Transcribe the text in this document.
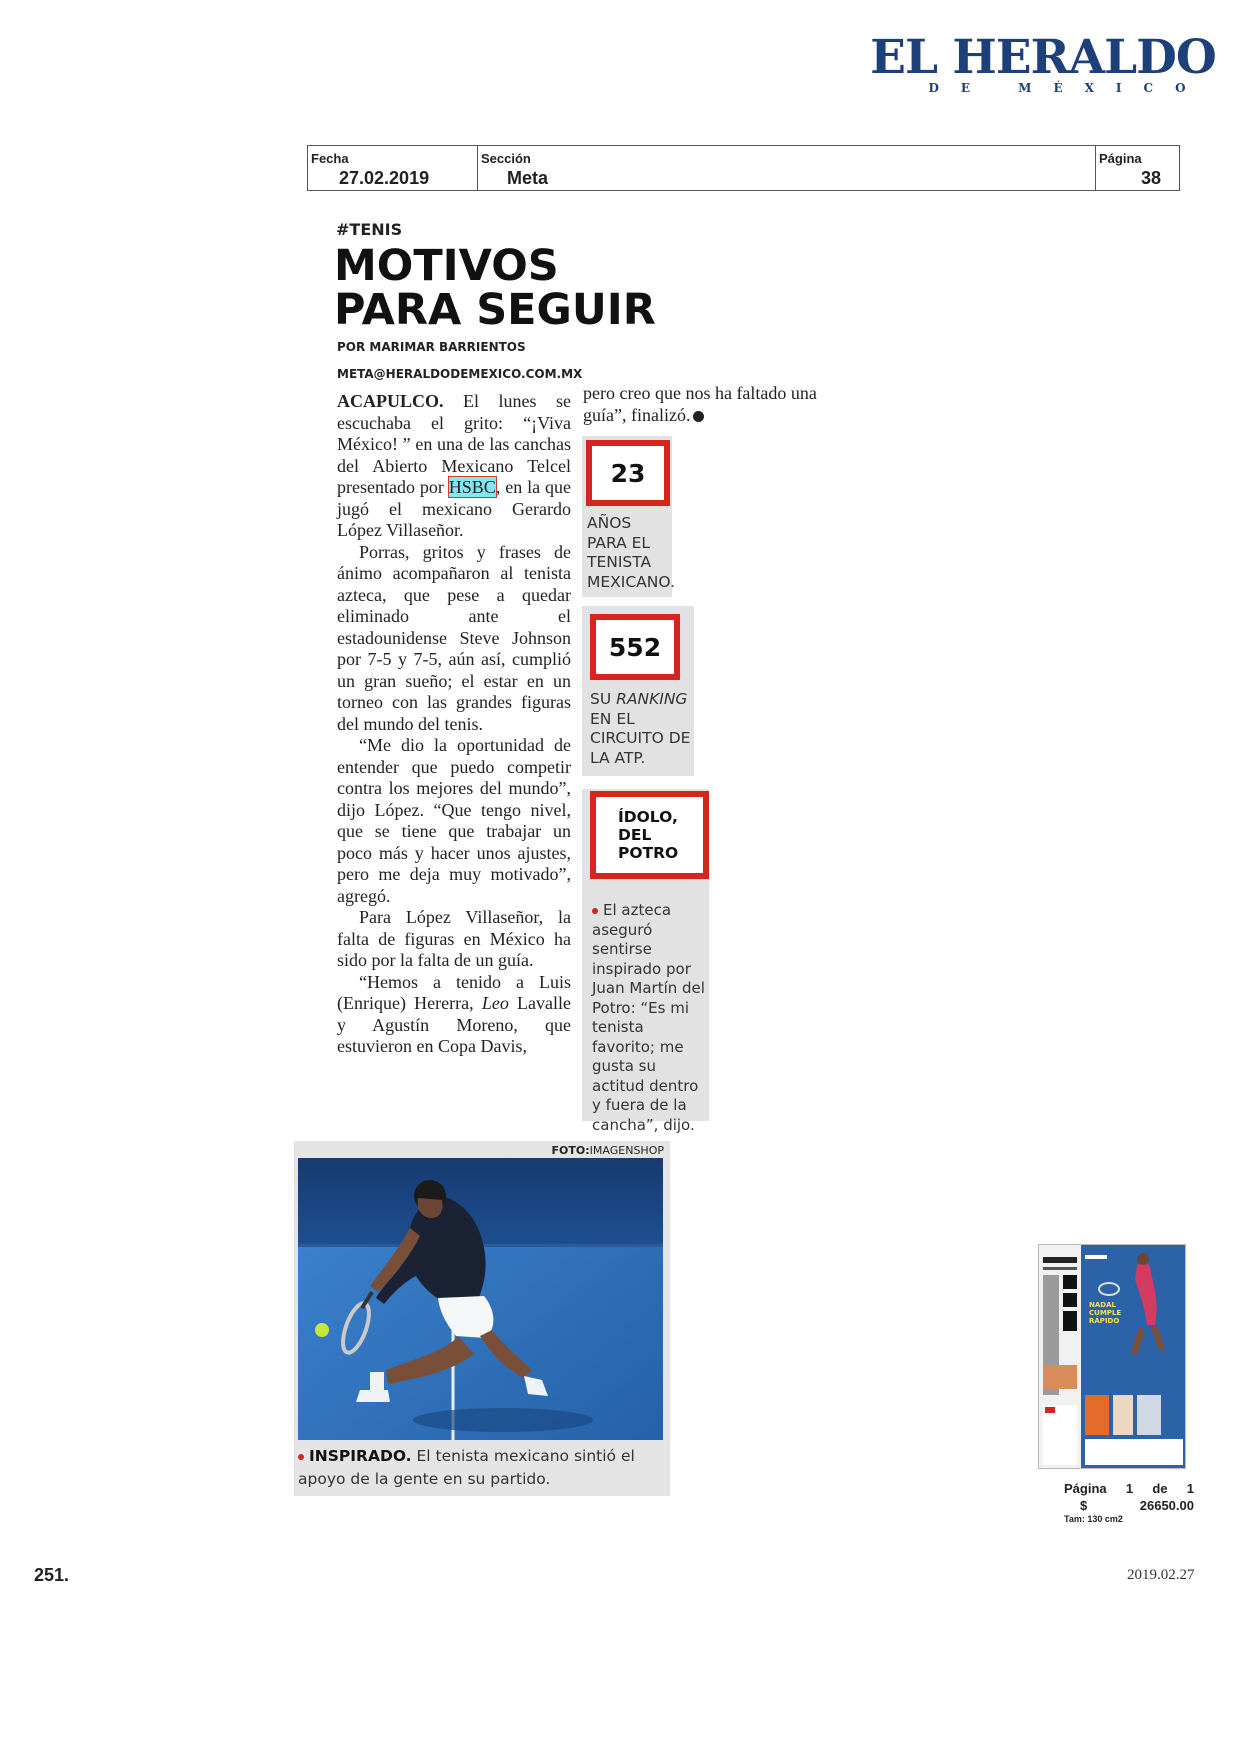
EL HERALDO
DE MÉXICO
Fecha
27.02.2019
Sección
Meta
Página
38
#TENIS
MOTIVOS
PARA SEGUIR
POR MARIMAR BARRIENTOS
META@HERALDODEMEXICO.COM.MX

ACAPULCO. El lunes se escuchaba el grito: “¡Viva México! ” en una de las canchas del Abierto Mexicano Telcel presentado por HSBC, en la que jugó el mexicano Gerardo López Villaseñor.

Porras, gritos y frases de ánimo acompañaron al tenista azteca, que pese a quedar eliminado ante el estadounidense Steve Johnson por 7-5 y 7-5, aún así, cumplió un gran sueño; el estar en un torneo con las grandes figuras del mundo del tenis.

“Me dio la oportunidad de entender que puedo competir contra los mejores del mundo”, dijo López. “Que tengo nivel, que se tiene que trabajar un poco más y hacer unos ajustes, pero me deja muy motivado”, agregó.

Para López Villaseñor, la falta de figuras en México ha sido por la falta de un guía.

“Hemos a tenido a Luis (Enrique) Hererra, Leo Lavalle y Agustín Moreno, que estuvieron en Copa Davis,

pero creo que nos ha faltado una guía”, finalizó.
23
AÑOS
PARA EL
TENISTA
MEXICANO.
552
SU RANKING
EN EL
CIRCUITO DE
LA ATP.
ÍDOLO,
DEL POTRO
El azteca aseguró sentirse inspirado por Juan Martín del Potro: “Es mi tenista favorito; me gusta su actitud dentro y fuera de la cancha”, dijo.
FOTO:IMAGENSHOP
INSPIRADO. El tenista mexicano sintió el apoyo de la gente en su partido.
NADAL CUMPLE RÁPIDO
Página 1 de 1
$	26650.00
Tam: 130 cm2
251.	2019.02.27
